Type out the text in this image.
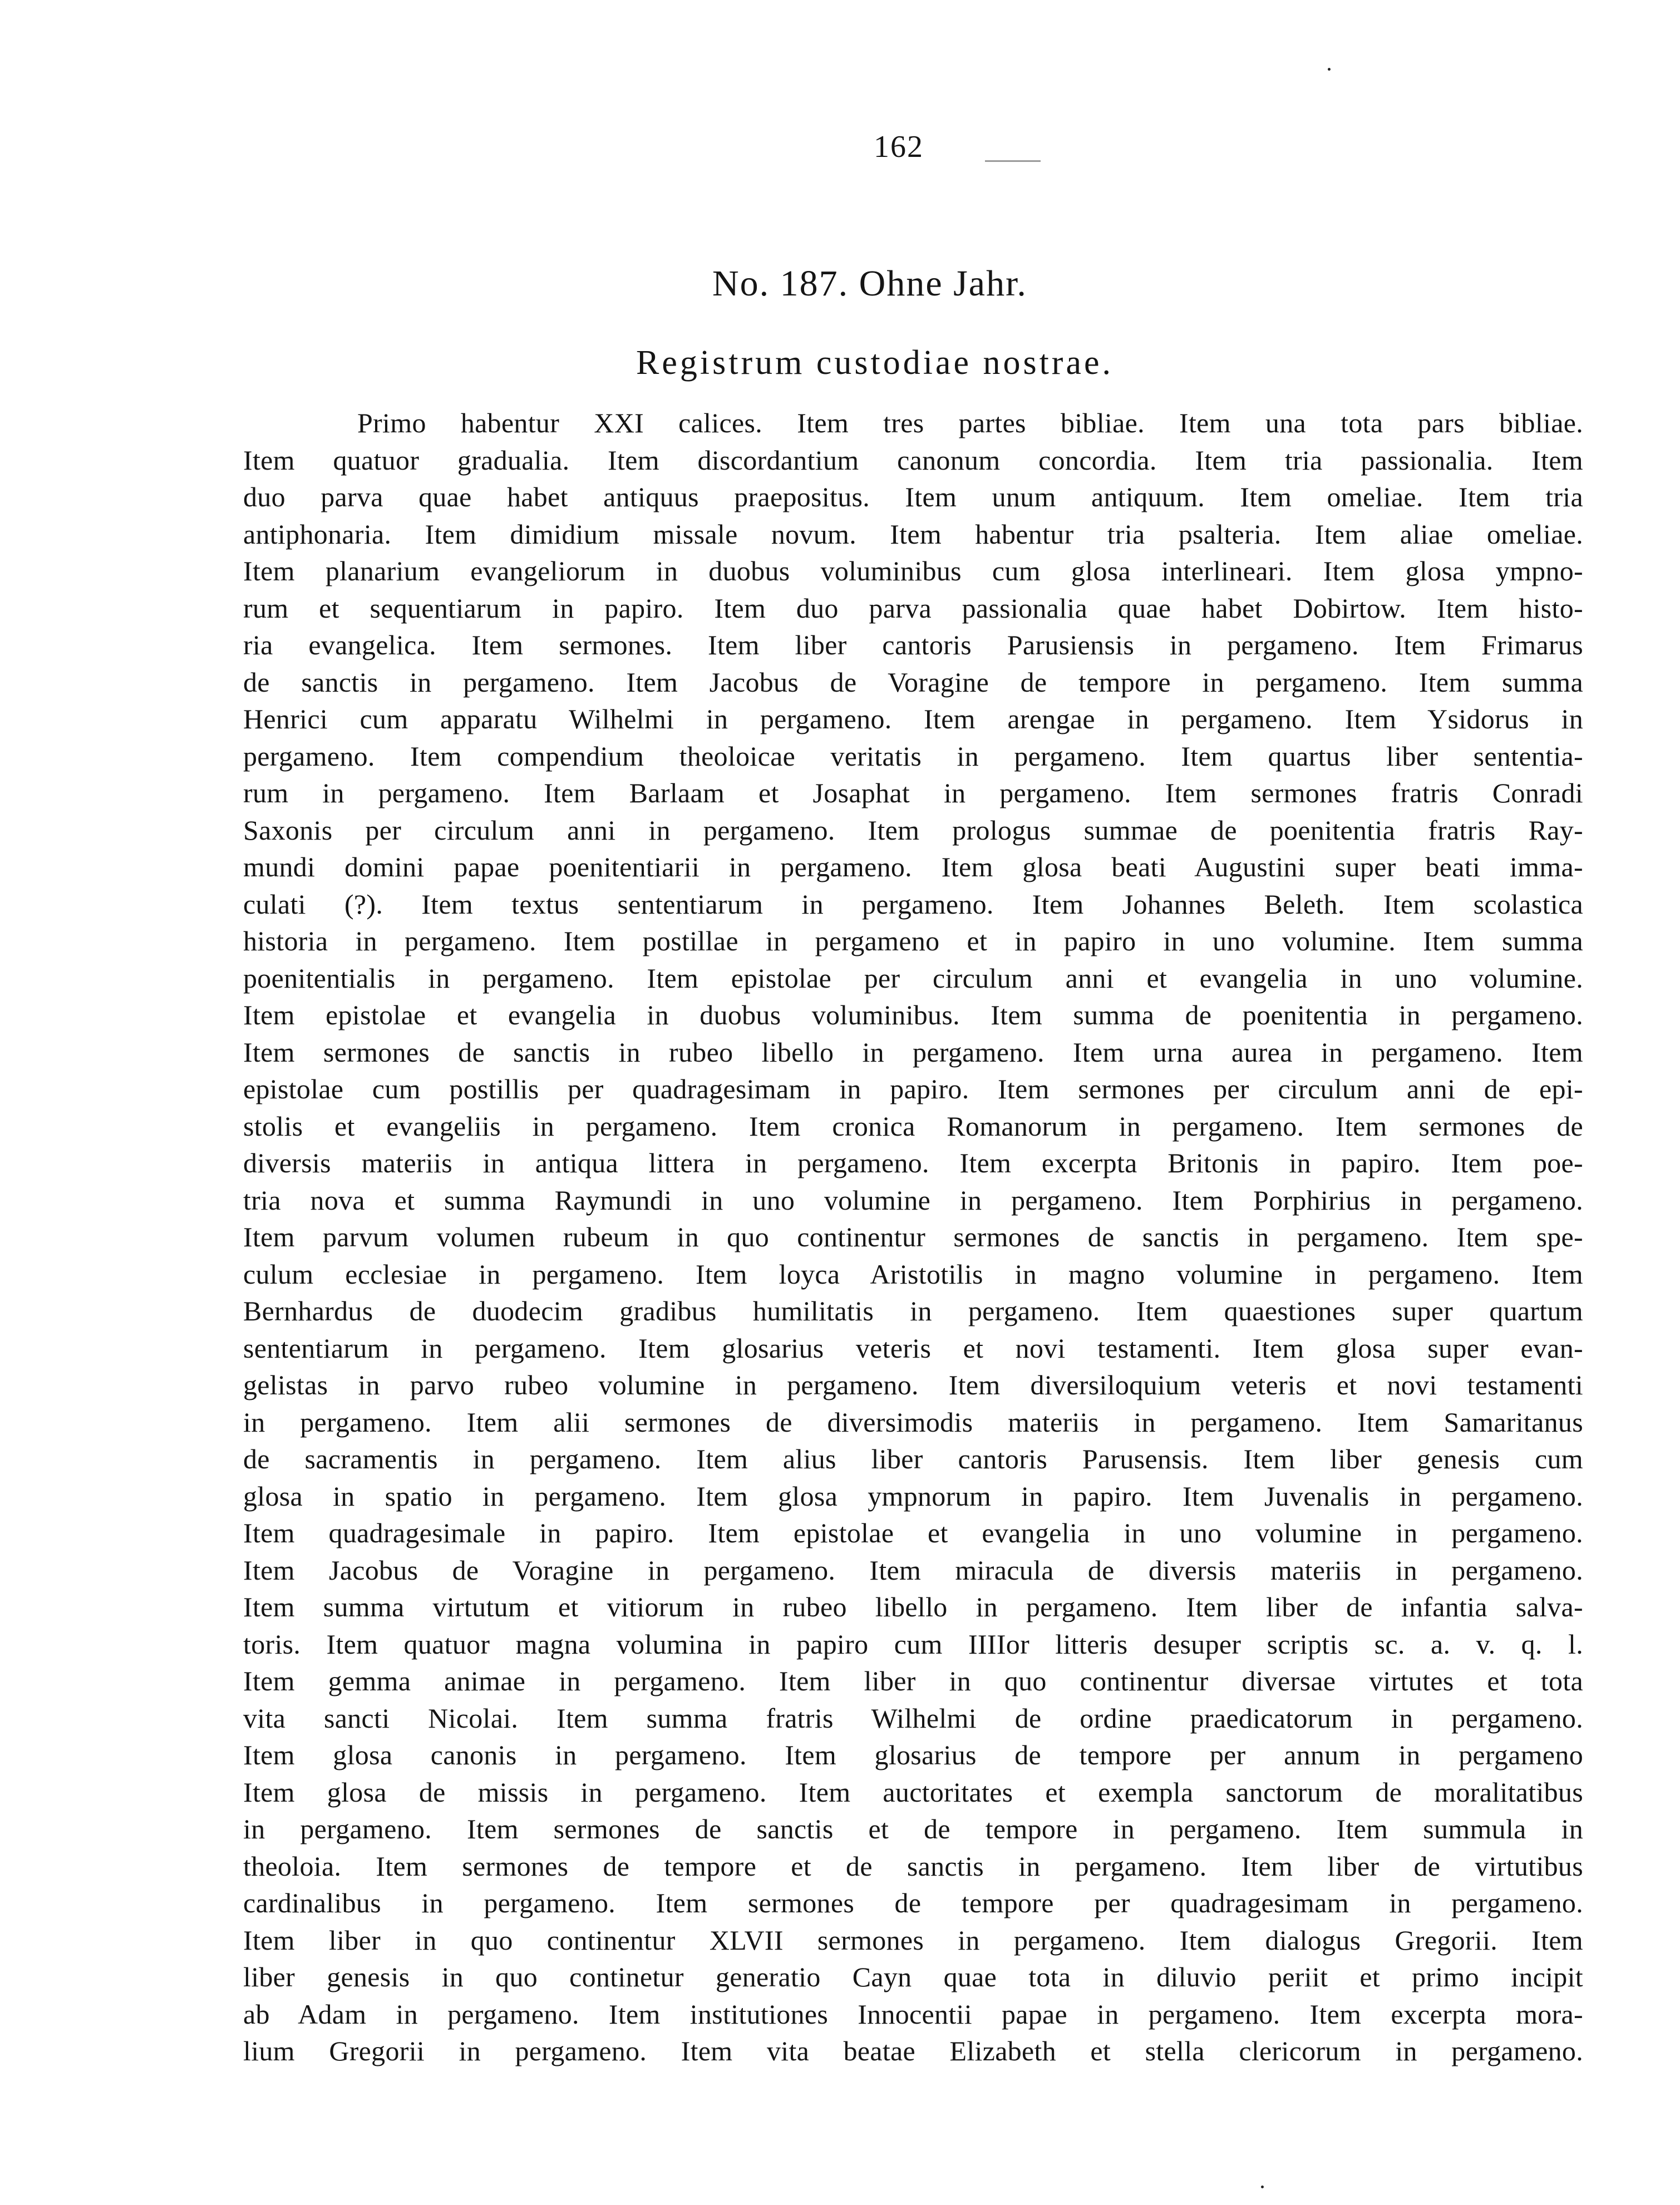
162
No. 187. Ohne Jahr.
Registrum custodiae nostrae.
Primo habentur XXI calices. Item tres partes bibliae. Item una tota pars bibliae.
Item quatuor gradualia. Item discordantium canonum concordia. Item tria passionalia. Item
duo parva quae habet antiquus praepositus. Item unum antiquum. Item omeliae. Item tria
antiphonaria. Item dimidium missale novum. Item habentur tria psalteria. Item aliae omeliae.
Item planarium evangeliorum in duobus voluminibus cum glosa interlineari. Item glosa ympno-
rum et sequentiarum in papiro. Item duo parva passionalia quae habet Dobirtow. Item histo-
ria evangelica. Item sermones. Item liber cantoris Parusiensis in pergameno. Item Frimarus
de sanctis in pergameno. Item Jacobus de Voragine de tempore in pergameno. Item summa
Henrici cum apparatu Wilhelmi in pergameno. Item arengae in pergameno. Item Ysidorus in
pergameno. Item compendium theoloicae veritatis in pergameno. Item quartus liber sententia-
rum in pergameno. Item Barlaam et Josaphat in pergameno. Item sermones fratris Conradi
Saxonis per circulum anni in pergameno. Item prologus summae de poenitentia fratris Ray-
mundi domini papae poenitentiarii in pergameno. Item glosa beati Augustini super beati imma-
culati (?). Item textus sententiarum in pergameno. Item Johannes Beleth. Item scolastica
historia in pergameno. Item postillae in pergameno et in papiro in uno volumine. Item summa
poenitentialis in pergameno. Item epistolae per circulum anni et evangelia in uno volumine.
Item epistolae et evangelia in duobus voluminibus. Item summa de poenitentia in pergameno.
Item sermones de sanctis in rubeo libello in pergameno. Item urna aurea in pergameno. Item
epistolae cum postillis per quadragesimam in papiro. Item sermones per circulum anni de epi-
stolis et evangeliis in pergameno. Item cronica Romanorum in pergameno. Item sermones de
diversis materiis in antiqua littera in pergameno. Item excerpta Britonis in papiro. Item poe-
tria nova et summa Raymundi in uno volumine in pergameno. Item Porphirius in pergameno.
Item parvum volumen rubeum in quo continentur sermones de sanctis in pergameno. Item spe-
culum ecclesiae in pergameno. Item loyca Aristotilis in magno volumine in pergameno. Item
Bernhardus de duodecim gradibus humilitatis in pergameno. Item quaestiones super quartum
sententiarum in pergameno. Item glosarius veteris et novi testamenti. Item glosa super evan-
gelistas in parvo rubeo volumine in pergameno. Item diversiloquium veteris et novi testamenti
in pergameno. Item alii sermones de diversimodis materiis in pergameno. Item Samaritanus
de sacramentis in pergameno. Item alius liber cantoris Parusensis. Item liber genesis cum
glosa in spatio in pergameno. Item glosa ympnorum in papiro. Item Juvenalis in pergameno.
Item quadragesimale in papiro. Item epistolae et evangelia in uno volumine in pergameno.
Item Jacobus de Voragine in pergameno. Item miracula de diversis materiis in pergameno.
Item summa virtutum et vitiorum in rubeo libello in pergameno. Item liber de infantia salva-
toris. Item quatuor magna volumina in papiro cum IIIIor litteris desuper scriptis sc. a. v. q. l.
Item gemma animae in pergameno. Item liber in quo continentur diversae virtutes et tota
vita sancti Nicolai. Item summa fratris Wilhelmi de ordine praedicatorum in pergameno.
Item glosa canonis in pergameno. Item glosarius de tempore per annum in pergameno
Item glosa de missis in pergameno. Item auctoritates et exempla sanctorum de moralitatibus
in pergameno. Item sermones de sanctis et de tempore in pergameno. Item summula in
theoloia. Item sermones de tempore et de sanctis in pergameno. Item liber de virtutibus
cardinalibus in pergameno. Item sermones de tempore per quadragesimam in pergameno.
Item liber in quo continentur XLVII sermones in pergameno. Item dialogus Gregorii. Item
liber genesis in quo continetur generatio Cayn quae tota in diluvio periit et primo incipit
ab Adam in pergameno. Item institutiones Innocentii papae in pergameno. Item excerpta mora-
lium Gregorii in pergameno. Item vita beatae Elizabeth et stella clericorum in pergameno.
